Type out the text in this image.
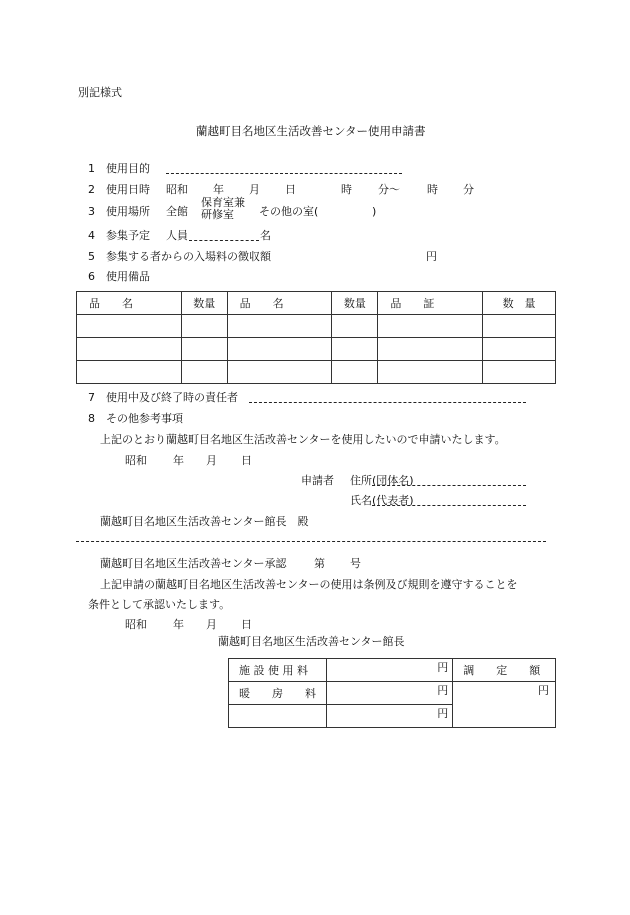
別記様式
蘭越町目名地区生活改善センター使用申請書
1 使用目的
2 使用日時 昭和 年 月 日	時 分〜 時 分
3 使用場所 全館
保育室兼
研修室 その他の室(	)
4 参集予定 人員	名
5 参集する者からの入場料の徴収額	円
6 使用備品
品　　名	数量	品　　名	数量	品　　証	数　量

7 使用中及び終了時の責任者
8 その他参考事項
上記のとおり蘭越町目名地区生活改善センターを使用したいので申請いたします。
昭和 年 月 日
申請者 住所(団体名)
氏名(代表者)
蘭越町目名地区生活改善センター館長　殿
蘭越町目名地区生活改善センター承認 第 号
上記申請の蘭越町目名地区生活改善センターの使用は条例及び規則を遵守することを
条件として承認いたします。
昭和 年 月 日
蘭越町目名地区生活改善センター館長
施 設 使 用 料	円	調　　定　　額
暖　　房　　料	円	円
	円	
